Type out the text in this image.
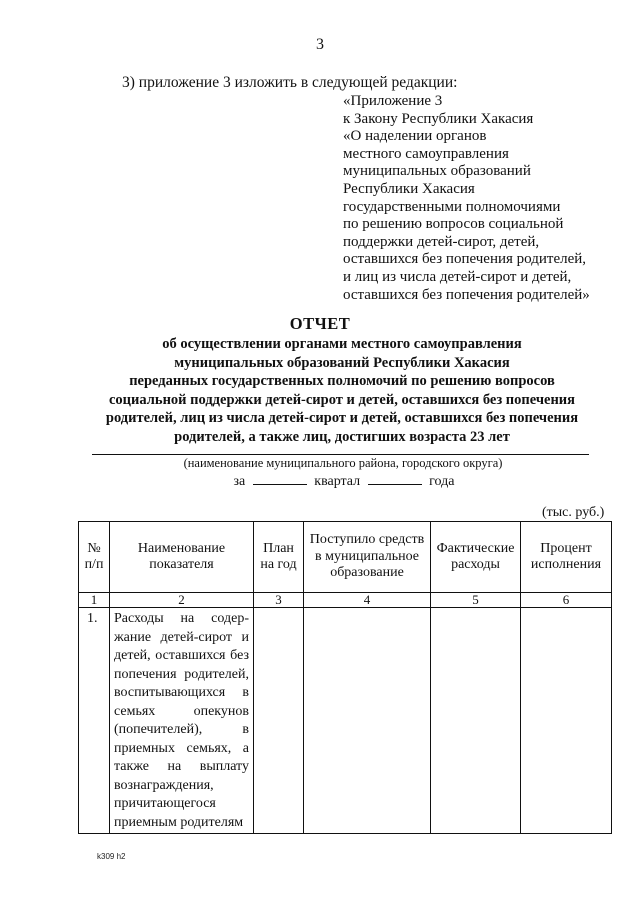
3
3) приложение 3 изложить в следующей редакции:
«Приложение 3
к Закону Республики Хакасия
«О наделении органов
местного самоуправления
муниципальных образований
Республики Хакасия
государственными полномочиями
по решению вопросов социальной
поддержки детей-сирот, детей,
оставшихся без попечения родителей,
и лиц из числа детей-сирот и детей,
оставшихся без попечения родителей»
ОТЧЕТ
об осуществлении органами местного самоуправления
муниципальных образований Республики Хакасия
переданных государственных полномочий по решению вопросов
социальной поддержки детей-сирот и детей, оставшихся без попечения
родителей, лиц из числа детей-сирот и детей, оставшихся без попечения
родителей, а также лиц, достигших возраста 23 лет
(наименование муниципального района, городского округа)
за	квартал	года
(тыс. руб.)
№ п/п	Наименование показателя	План на год	Поступило средств в муниципальное образование	Фактические расходы	Процент исполнения
1	2	3	4	5	6
1.	Расходы на содержание детей-сирот и детей, оставшихся без попечения родителей, воспитывающихся в семьях опекунов (попечителей), в приемных семьях, а также на выплату вознаграждения, причитающегося приемным родителям				
k309 h2
